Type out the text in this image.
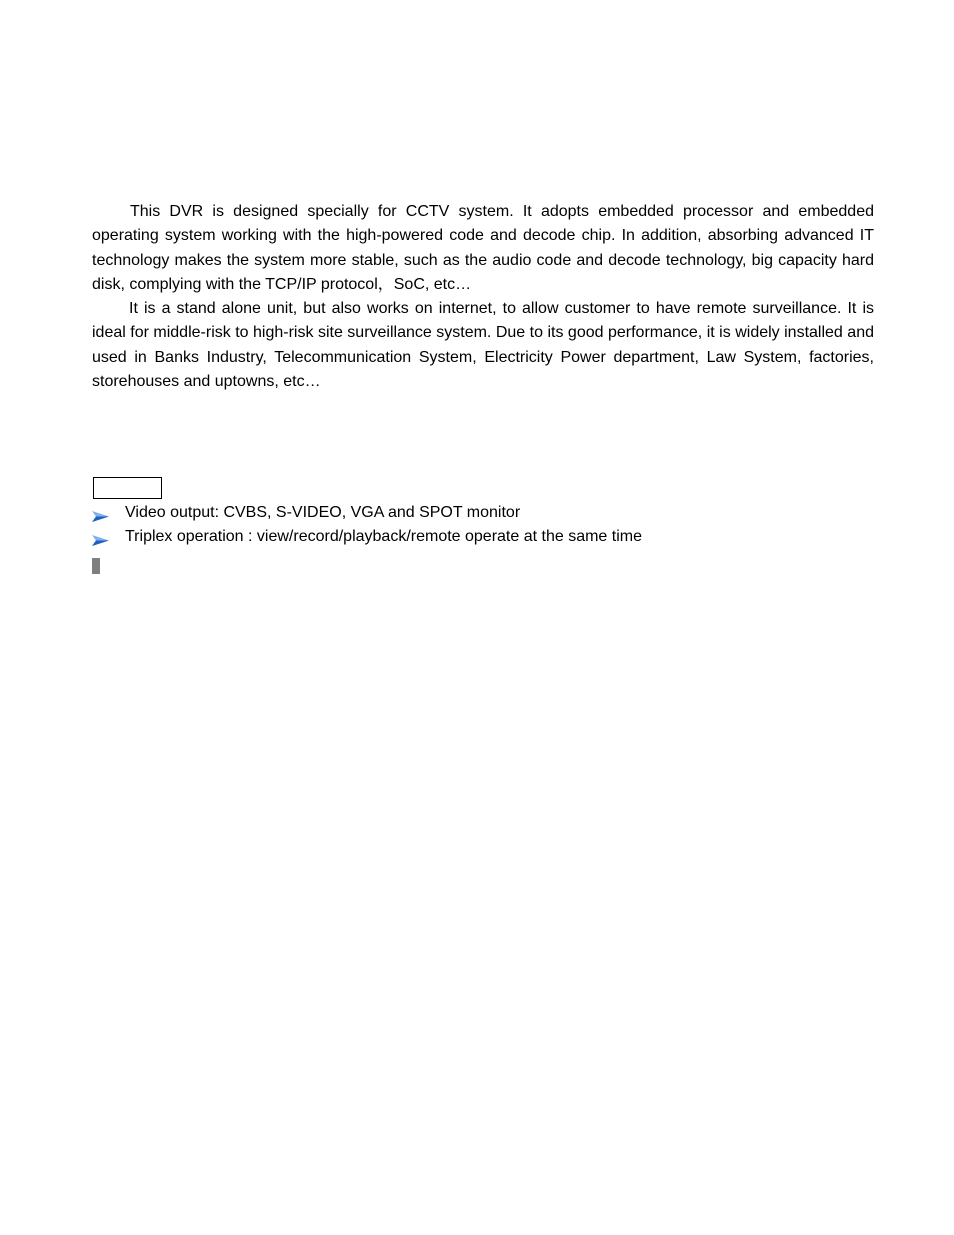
This DVR is designed specially for CCTV system. It adopts embedded processor and embedded operating system working with the high-powered code and decode chip. In addition, absorbing advanced IT technology makes the system more stable, such as the audio code and decode technology, big capacity hard disk, complying with the TCP/IP protocol，SoC, etc…

It is a stand alone unit, but also works on internet, to allow customer to have remote surveillance. It is ideal for middle-risk to high-risk site surveillance system. Due to its good performance, it is widely installed and used in Banks Industry, Telecommunication System, Electricity Power department, Law System, factories, storehouses and uptowns, etc…

Video output: CVBS, S-VIDEO, VGA and SPOT monitor
Triplex operation : view/record/playback/remote operate at the same time
